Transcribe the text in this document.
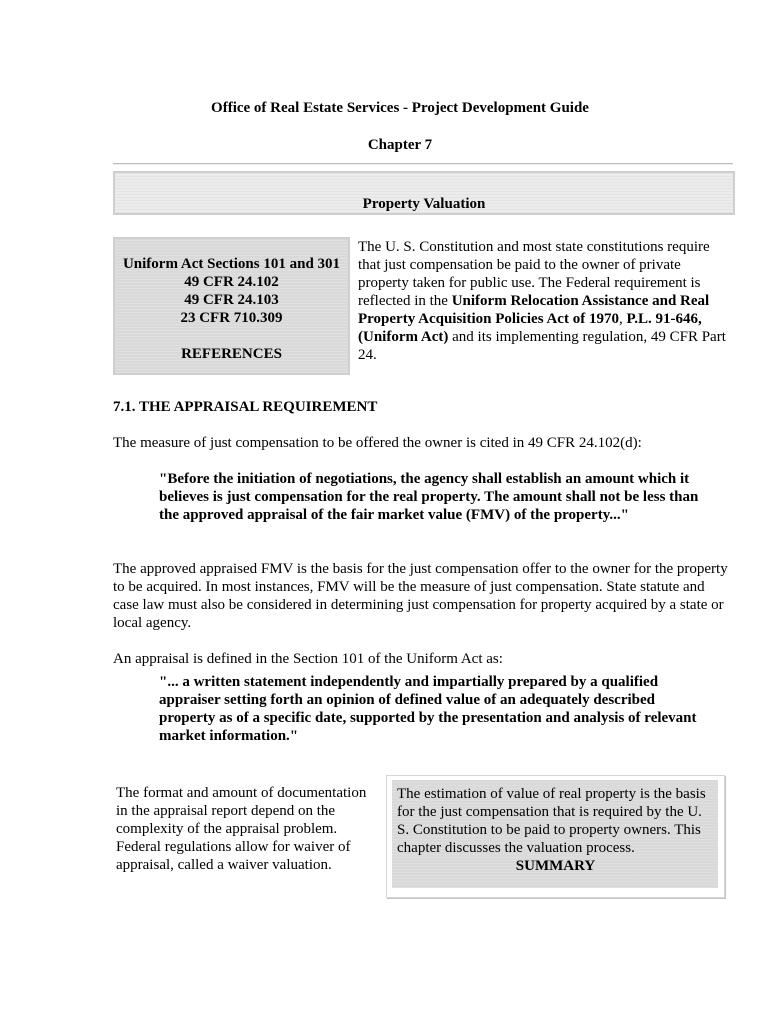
Office of Real Estate Services - Project Development Guide
Chapter 7
Property Valuation
Uniform Act Sections 101 and 301
49 CFR 24.102
49 CFR 24.103
23 CFR 710.309
REFERENCES
The U. S. Constitution and most state constitutions require that just compensation be paid to the owner of private property taken for public use. The Federal requirement is reflected in the Uniform Relocation Assistance and Real Property Acquisition Policies Act of 1970, P.L. 91-646, (Uniform Act) and its implementing regulation, 49 CFR Part 24.
7.1. THE APPRAISAL REQUIREMENT
The measure of just compensation to be offered the owner is cited in 49 CFR 24.102(d):
"Before the initiation of negotiations, the agency shall establish an amount which it believes is just compensation for the real property. The amount shall not be less than the approved appraisal of the fair market value (FMV) of the property..."
The approved appraised FMV is the basis for the just compensation offer to the owner for the property to be acquired. In most instances, FMV will be the measure of just compensation. State statute and case law must also be considered in determining just compensation for property acquired by a state or local agency.
An appraisal is defined in the Section 101 of the Uniform Act as:
"... a written statement independently and impartially prepared by a qualified appraiser setting forth an opinion of defined value of an adequately described property as of a specific date, supported by the presentation and analysis of relevant market information."
The format and amount of documentation in the appraisal report depend on the complexity of the appraisal problem. Federal regulations allow for waiver of appraisal, called a waiver valuation.
The estimation of value of real property is the basis for the just compensation that is required by the U. S. Constitution to be paid to property owners. This chapter discusses the valuation process.
SUMMARY
